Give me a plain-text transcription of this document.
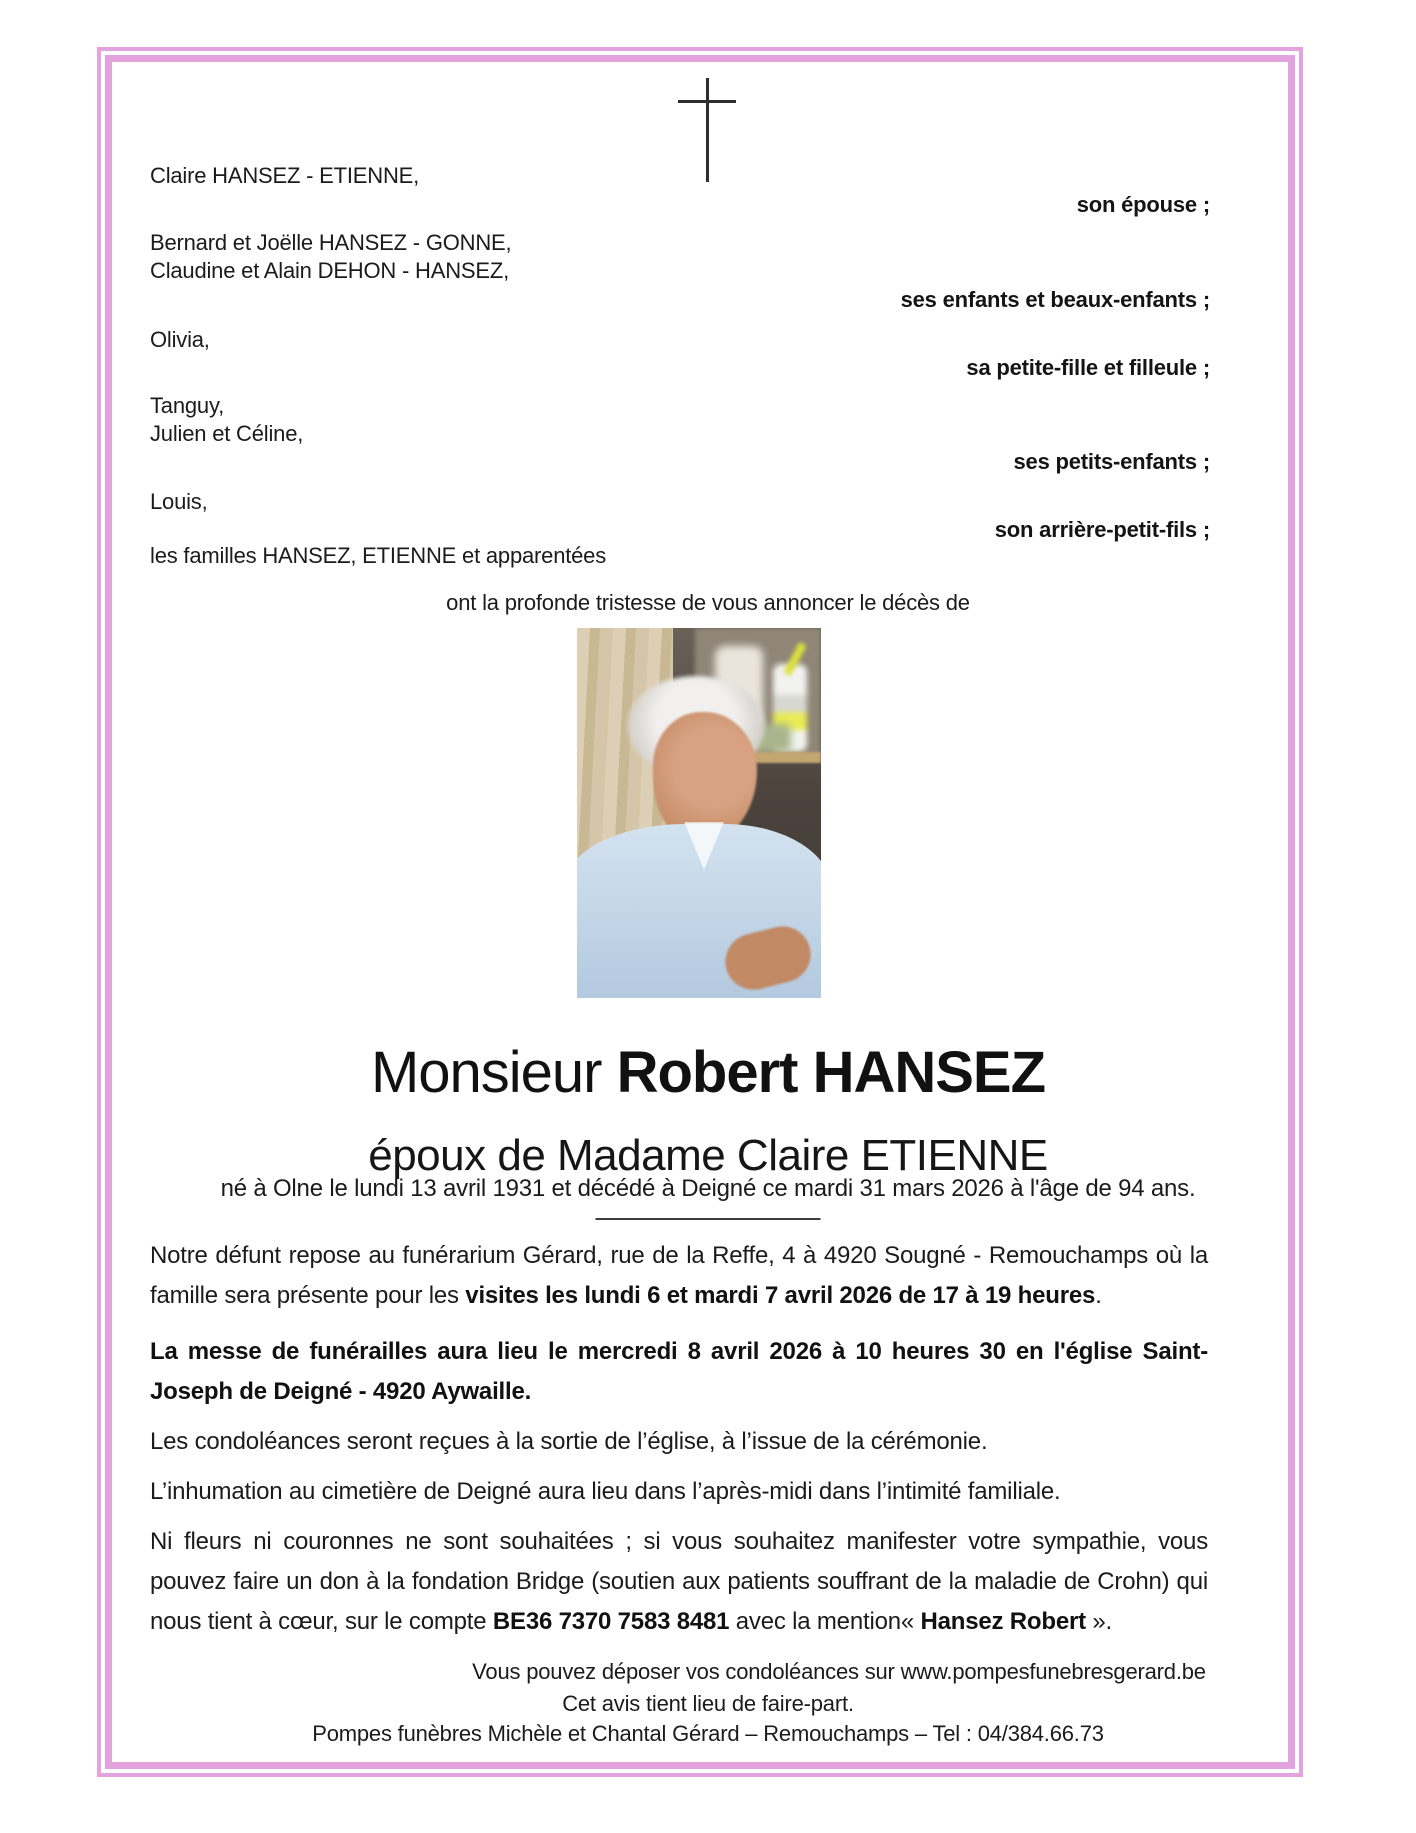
Claire HANSEZ - ETIENNE,
son épouse ;
Bernard et Joëlle HANSEZ - GONNE,
Claudine et Alain DEHON - HANSEZ,
ses enfants et beaux-enfants ;
Olivia,
sa petite-fille et filleule ;
Tanguy,
Julien et Céline,
ses petits-enfants ;
Louis,
son arrière-petit-fils ;
les familles HANSEZ, ETIENNE et apparentées
ont la profonde tristesse de vous annoncer le décès de
Monsieur Robert HANSEZ
époux de Madame Claire ETIENNE
né à Olne le lundi 13 avril 1931 et décédé à Deigné ce mardi 31 mars 2026 à l'âge de 94 ans.
Notre défunt repose au funérarium Gérard, rue de la Reffe, 4 à 4920 Sougné - Remouchamps où la famille sera présente pour les visites les lundi 6 et mardi 7 avril 2026 de 17 à 19 heures.
La messe de funérailles aura lieu le mercredi 8 avril 2026 à 10 heures 30 en l'église Saint-Joseph de Deigné - 4920 Aywaille.
Les condoléances seront reçues à la sortie de l’église, à l’issue de la cérémonie.
L’inhumation au cimetière de Deigné aura lieu dans l’après-midi dans l’intimité familiale.
Ni fleurs ni couronnes ne sont souhaitées ; si vous souhaitez manifester votre sympathie, vous pouvez faire un don à la fondation Bridge (soutien aux patients souffrant de la maladie de Crohn) qui nous tient à cœur, sur le compte BE36 7370 7583 8481 avec la mention« Hansez Robert ».
Vous pouvez déposer vos condoléances sur www.pompesfunebresgerard.be
Cet avis tient lieu de faire-part.
Pompes funèbres Michèle et Chantal Gérard – Remouchamps – Tel : 04/384.66.73
